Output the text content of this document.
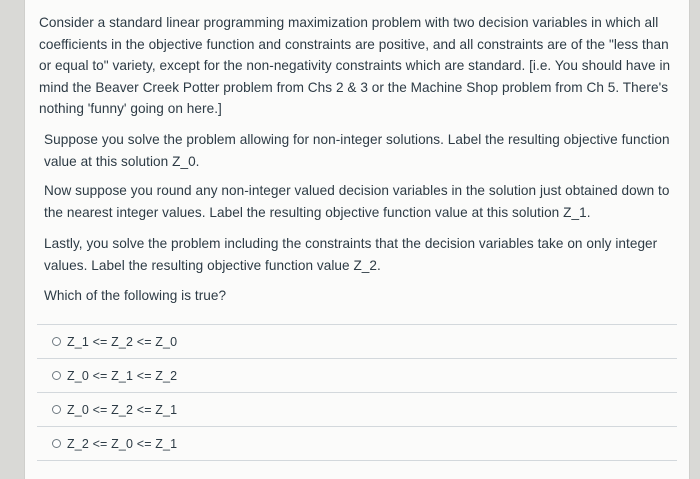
Consider a standard linear programming maximization problem with two decision variables in which all coefficients in the objective function and constraints are positive, and all constraints are of the "less than or equal to" variety, except for the non-negativity constraints which are standard. [i.e. You should have in mind the Beaver Creek Potter problem from Chs 2 & 3 or the Machine Shop problem from Ch 5. There's nothing 'funny' going on here.]

Suppose you solve the problem allowing for non-integer solutions. Label the resulting objective function value at this solution Z_0.

Now suppose you round any non-integer valued decision variables in the solution just obtained down to the nearest integer values. Label the resulting objective function value at this solution Z_1.

Lastly, you solve the problem including the constraints that the decision variables take on only integer values. Label the resulting objective function value Z_2.

Which of the following is true?

Z_1 <= Z_2 <= Z_0
Z_0 <= Z_1 <= Z_2
Z_0 <= Z_2 <= Z_1
Z_2 <= Z_0 <= Z_1
